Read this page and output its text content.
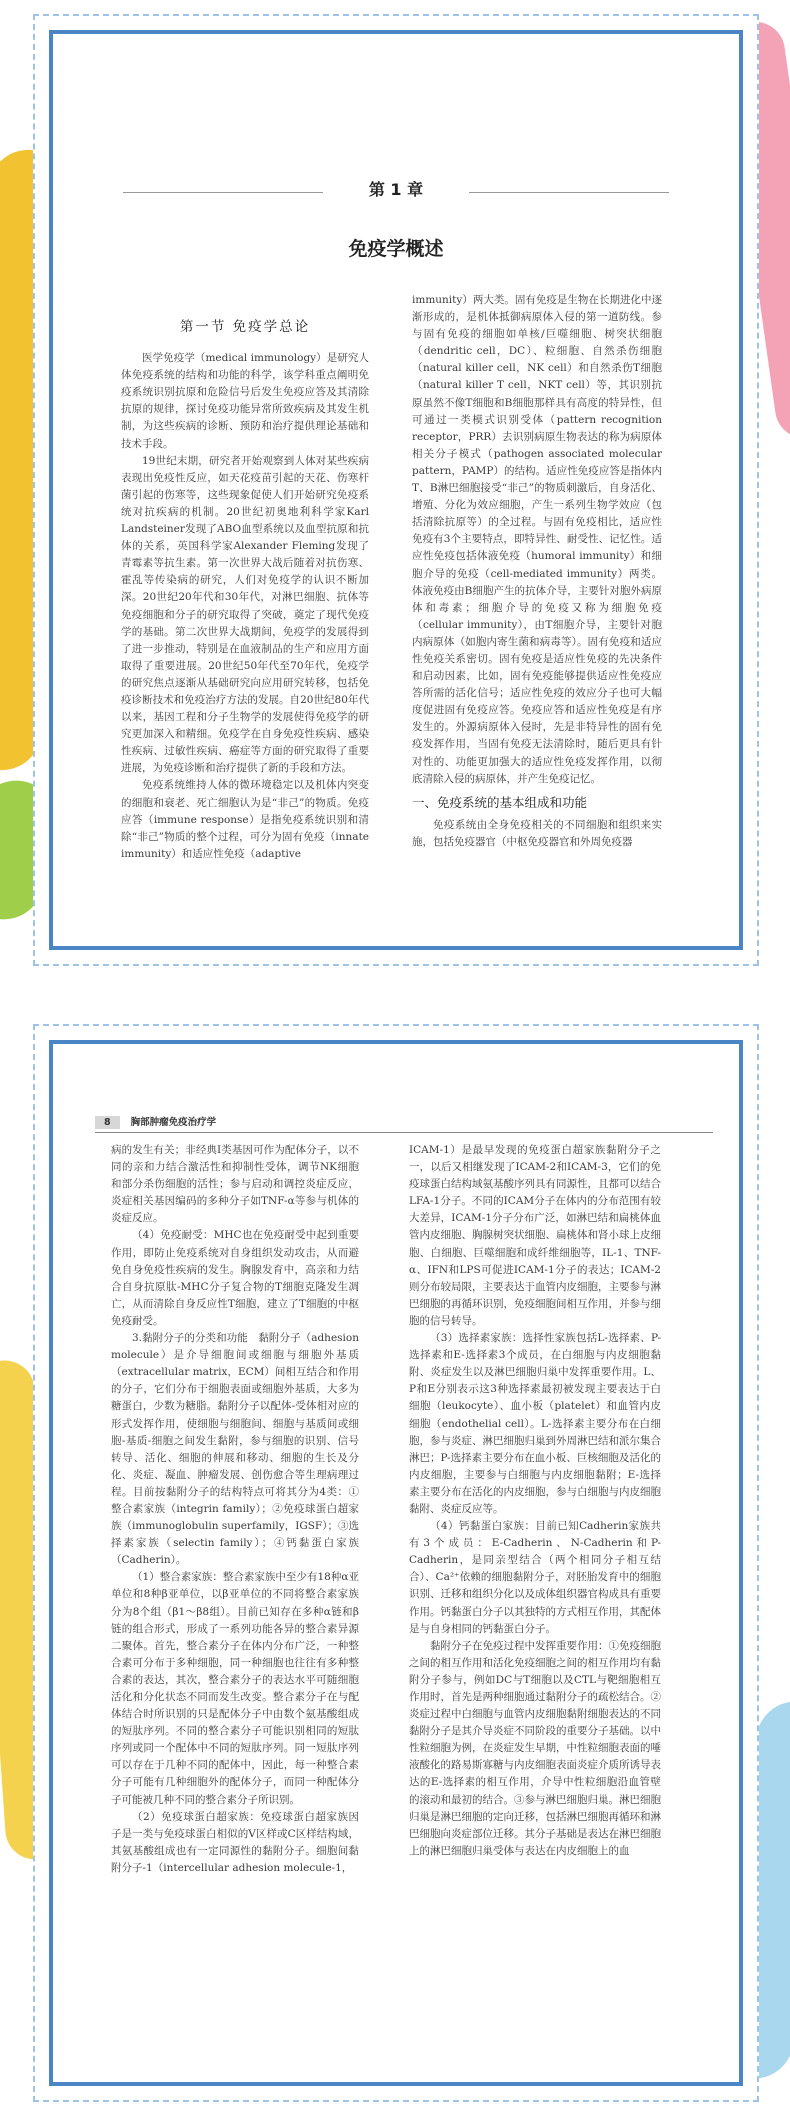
第 1 章
免疫学概述
第一节 免疫学总论

医学免疫学（medical immunology）是研究人体免疫系统的结构和功能的科学，该学科重点阐明免疫系统识别抗原和危险信号后发生免疫应答及其清除抗原的规律，探讨免疫功能异常所致疾病及其发生机制，为这些疾病的诊断、预防和治疗提供理论基础和技术手段。

19世纪末期，研究者开始观察到人体对某些疾病表现出免疫性反应，如天花疫苗引起的天花、伤寒杆菌引起的伤寒等，这些现象促使人们开始研究免疫系统对抗疾病的机制。20世纪初奥地利科学家Karl Landsteiner发现了ABO血型系统以及血型抗原和抗体的关系，英国科学家Alexander Fleming发现了青霉素等抗生素。第一次世界大战后随着对抗伤寒、霍乱等传染病的研究，人们对免疫学的认识不断加深。20世纪20年代和30年代，对淋巴细胞、抗体等免疫细胞和分子的研究取得了突破，奠定了现代免疫学的基础。第二次世界大战期间，免疫学的发展得到了进一步推动，特别是在血液制品的生产和应用方面取得了重要进展。20世纪50年代至70年代，免疫学的研究焦点逐渐从基础研究向应用研究转移，包括免疫诊断技术和免疫治疗方法的发展。自20世纪80年代以来，基因工程和分子生物学的发展使得免疫学的研究更加深入和精细。免疫学在自身免疫性疾病、感染性疾病、过敏性疾病、癌症等方面的研究取得了重要进展，为免疫诊断和治疗提供了新的手段和方法。

免疫系统维持人体的微环境稳定以及机体内突变的细胞和衰老、死亡细胞认为是“非己”的物质。免疫应答（immune response）是指免疫系统识别和清除“非己”物质的整个过程，可分为固有免疫（innate immunity）和适应性免疫（adaptive

immunity）两大类。固有免疫是生物在长期进化中逐渐形成的，是机体抵御病原体入侵的第一道防线。参与固有免疫的细胞如单核/巨噬细胞、树突状细胞（dendritic cell，DC）、粒细胞、自然杀伤细胞（natural killer cell，NK cell）和自然杀伤T细胞（natural killer T cell，NKT cell）等，其识别抗原虽然不像T细胞和B细胞那样具有高度的特异性，但可通过一类模式识别受体（pattern recognition receptor，PRR）去识别病原生物表达的称为病原体相关分子模式（pathogen associated molecular pattern，PAMP）的结构。适应性免疫应答是指体内T、B淋巴细胞接受“非己”的物质刺激后，自身活化、增殖、分化为效应细胞，产生一系列生物学效应（包括清除抗原等）的全过程。与固有免疫相比，适应性免疫有3个主要特点，即特异性、耐受性、记忆性。适应性免疫包括体液免疫（humoral immunity）和细胞介导的免疫（cell-mediated immunity）两类。体液免疫由B细胞产生的抗体介导，主要针对胞外病原体和毒素；细胞介导的免疫又称为细胞免疫（cellular immunity），由T细胞介导，主要针对胞内病原体（如胞内寄生菌和病毒等）。固有免疫和适应性免疫关系密切。固有免疫是适应性免疫的先决条件和启动因素，比如，固有免疫能够提供适应性免疫应答所需的活化信号；适应性免疫的效应分子也可大幅度促进固有免疫应答。免疫应答和适应性免疫是有序发生的。外源病原体入侵时，先是非特异性的固有免疫发挥作用，当固有免疫无法清除时，随后更具有针对性的、功能更加强大的适应性免疫发挥作用，以彻底清除入侵的病原体，并产生免疫记忆。

一、免疫系统的基本组成和功能

免疫系统由全身免疫相关的不同细胞和组织来实施，包括免疫器官（中枢免疫器官和外周免疫器

8 胸部肿瘤免疫治疗学

病的发生有关；非经典Ⅰ类基因可作为配体分子，以不同的亲和力结合激活性和抑制性受体，调节NK细胞和部分杀伤细胞的活性；参与启动和调控炎症反应，炎症相关基因编码的多种分子如TNF-α等参与机体的炎症反应。

（4）免疫耐受：MHC也在免疫耐受中起到重要作用，即防止免疫系统对自身组织发动攻击，从而避免自身免疫性疾病的发生。胸腺发育中，高亲和力结合自身抗原肽-MHC分子复合物的T细胞克隆发生凋亡，从而清除自身反应性T细胞，建立了T细胞的中枢免疫耐受。

3.黏附分子的分类和功能　黏附分子（adhesion molecule）是介导细胞间或细胞与细胞外基质（extracellular matrix，ECM）间相互结合和作用的分子，它们分布于细胞表面或细胞外基质，大多为糖蛋白，少数为糖脂。黏附分子以配体-受体相对应的形式发挥作用，使细胞与细胞间、细胞与基质间或细胞-基质-细胞之间发生黏附，参与细胞的识别、信号转导、活化、细胞的伸展和移动、细胞的生长及分化、炎症、凝血、肿瘤发展、创伤愈合等生理病理过程。目前按黏附分子的结构特点可将其分为4类：①整合素家族（integrin family）；②免疫球蛋白超家族（immunoglobulin superfamily，IGSF）；③选择素家族（selectin family）；④钙黏蛋白家族（Cadherin）。

（1）整合素家族：整合素家族中至少有18种α亚单位和8种β亚单位，以β亚单位的不同将整合素家族分为8个组（β1～β8组）。目前已知存在多种α链和β链的组合形式，形成了一系列功能各异的整合素异源二聚体。首先，整合素分子在体内分布广泛，一种整合素可分布于多种细胞，同一种细胞也往往有多种整合素的表达，其次，整合素分子的表达水平可随细胞活化和分化状态不同而发生改变。整合素分子在与配体结合时所识别的只是配体分子中由数个氨基酸组成的短肽序列。不同的整合素分子可能识别相同的短肽序列或同一个配体中不同的短肽序列。同一短肽序列可以存在于几种不同的配体中，因此，每一种整合素分子可能有几种细胞外的配体分子，而同一种配体分子可能被几种不同的整合素分子所识别。

（2）免疫球蛋白超家族：免疫球蛋白超家族因子是一类与免疫球蛋白相似的V区样或C区样结构域，其氨基酸组成也有一定同源性的黏附分子。细胞间黏附分子-1（intercellular adhesion molecule-1，

ICAM-1）是最早发现的免疫蛋白超家族黏附分子之一，以后又相继发现了ICAM-2和ICAM-3，它们的免疫球蛋白结构域氨基酸序列具有同源性，且都可以结合LFA-1分子。不同的ICAM分子在体内的分布范围有较大差异，ICAM-1分子分布广泛，如淋巴结和扁桃体血管内皮细胞、胸腺树突状细胞、扁桃体和肾小球上皮细胞、白细胞、巨噬细胞和成纤维细胞等，IL-1、TNF-α、IFN和LPS可促进ICAM-1分子的表达；ICAM-2则分布较局限，主要表达于血管内皮细胞，主要参与淋巴细胞的再循环识别，免疫细胞间相互作用，并参与细胞的信号转导。

（3）选择素家族：选择性家族包括L-选择素、P-选择素和E-选择素3个成员，在白细胞与内皮细胞黏附、炎症发生以及淋巴细胞归巢中发挥重要作用。L、P和E分别表示这3种选择素最初被发现主要表达于白细胞（leukocyte）、血小板（platelet）和血管内皮细胞（endothelial cell）。L-选择素主要分布在白细胞，参与炎症、淋巴细胞归巢到外周淋巴结和派尔集合淋巴；P-选择素主要分布在血小板、巨核细胞及活化的内皮细胞，主要参与白细胞与内皮细胞黏附；E-选择素主要分布在活化的内皮细胞，参与白细胞与内皮细胞黏附、炎症反应等。

（4）钙黏蛋白家族：目前已知Cadherin家族共有3个成员：E-Cadherin、N-Cadherin和P-Cadherin，是同亲型结合（两个相同分子相互结合）、Ca²⁺依赖的细胞黏附分子，对胚胎发育中的细胞识别、迁移和组织分化以及成体组织器官构成具有重要作用。钙黏蛋白分子以其独特的方式相互作用，其配体是与自身相同的钙黏蛋白分子。

黏附分子在免疫过程中发挥重要作用：①免疫细胞之间的相互作用和活化免疫细胞之间的相互作用均有黏附分子参与，例如DC与T细胞以及CTL与靶细胞相互作用时，首先是两种细胞通过黏附分子的疏松结合。②炎症过程中白细胞与血管内皮细胞黏附细胞表达的不同黏附分子是其介导炎症不同阶段的重要分子基础。以中性粒细胞为例，在炎症发生早期，中性粒细胞表面的唾液酸化的路易斯寡糖与内皮细胞表面炎症介质所诱导表达的E-选择素的相互作用，介导中性粒细胞沿血管壁的滚动和最初的结合。③参与淋巴细胞归巢。淋巴细胞归巢是淋巴细胞的定向迁移，包括淋巴细胞再循环和淋巴细胞向炎症部位迁移。其分子基础是表达在淋巴细胞上的淋巴细胞归巢受体与表达在内皮细胞上的血
